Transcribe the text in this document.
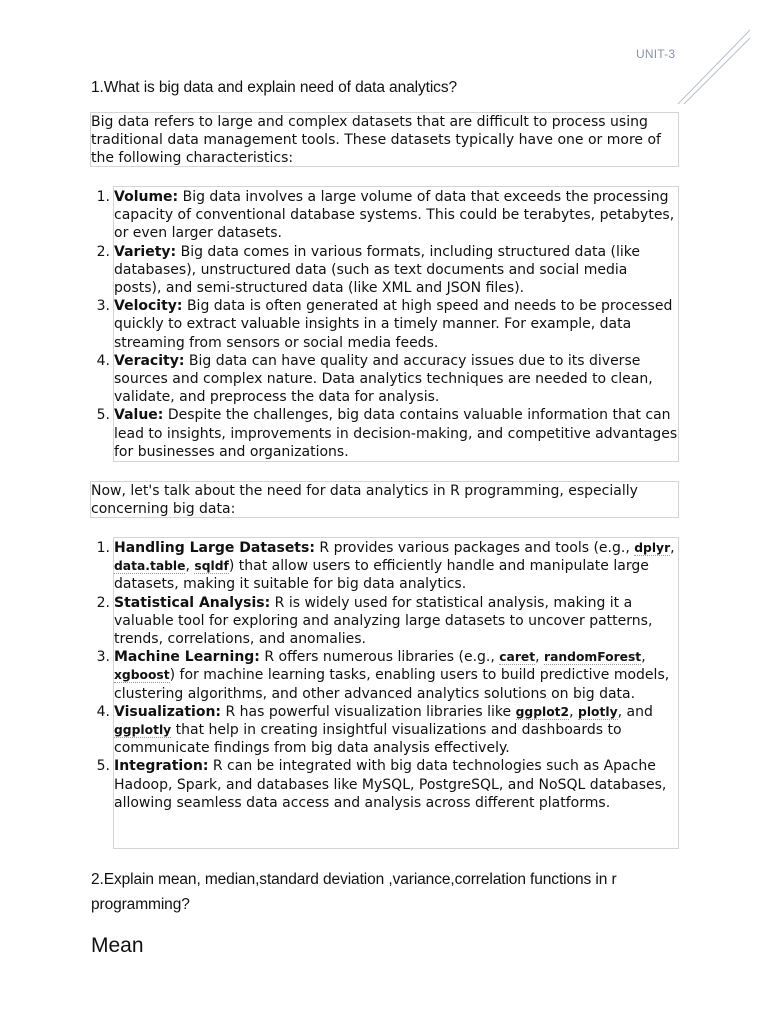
UNIT-3
1.What is big data and explain need of data analytics?
Big data refers to large and complex datasets that are difficult to process using traditional data management tools. These datasets typically have one or more of the following characteristics:
1. Volume: Big data involves a large volume of data that exceeds the processing capacity of conventional database systems. This could be terabytes, petabytes, or even larger datasets.
2. Variety: Big data comes in various formats, including structured data (like databases), unstructured data (such as text documents and social media posts), and semi-structured data (like XML and JSON files).
3. Velocity: Big data is often generated at high speed and needs to be processed quickly to extract valuable insights in a timely manner. For example, data streaming from sensors or social media feeds.
4. Veracity: Big data can have quality and accuracy issues due to its diverse sources and complex nature. Data analytics techniques are needed to clean, validate, and preprocess the data for analysis.
5. Value: Despite the challenges, big data contains valuable information that can lead to insights, improvements in decision-making, and competitive advantages for businesses and organizations.
Now, let's talk about the need for data analytics in R programming, especially concerning big data:
1. Handling Large Datasets: R provides various packages and tools (e.g., dplyr, data.table, sqldf) that allow users to efficiently handle and manipulate large datasets, making it suitable for big data analytics.
2. Statistical Analysis: R is widely used for statistical analysis, making it a valuable tool for exploring and analyzing large datasets to uncover patterns, trends, correlations, and anomalies.
3. Machine Learning: R offers numerous libraries (e.g., caret, randomForest, xgboost) for machine learning tasks, enabling users to build predictive models, clustering algorithms, and other advanced analytics solutions on big data.
4. Visualization: R has powerful visualization libraries like ggplot2, plotly, and ggplotly that help in creating insightful visualizations and dashboards to communicate findings from big data analysis effectively.
5. Integration: R can be integrated with big data technologies such as Apache Hadoop, Spark, and databases like MySQL, PostgreSQL, and NoSQL databases, allowing seamless data access and analysis across different platforms.
2.Explain mean, median,standard deviation ,variance,correlation functions in r programming?
Mean
